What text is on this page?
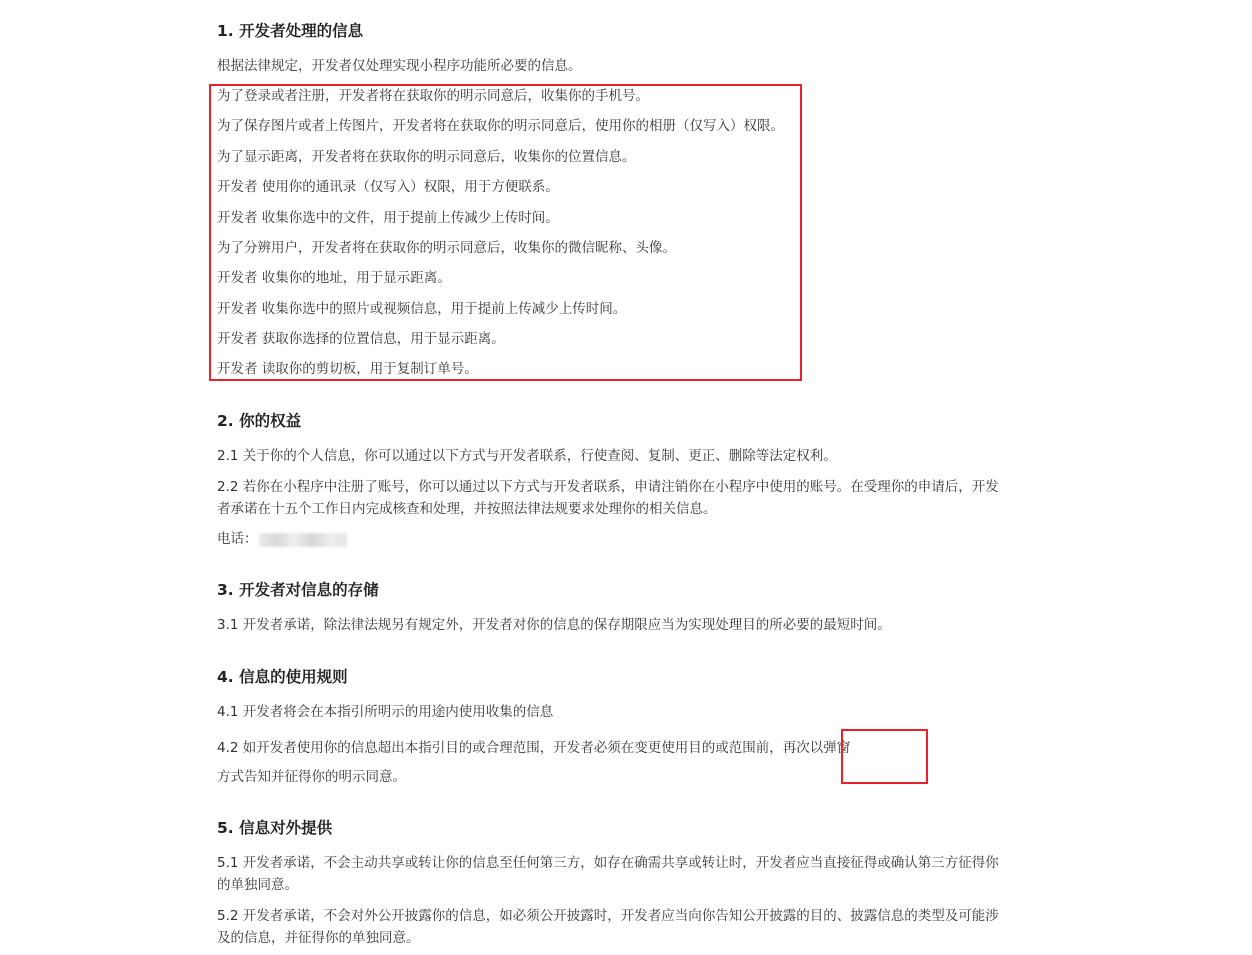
1. 开发者处理的信息
根据法律规定，开发者仅处理实现小程序功能所必要的信息。
为了登录或者注册，开发者将在获取你的明示同意后，收集你的手机号。
为了保存图片或者上传图片，开发者将在获取你的明示同意后，使用你的相册（仅写入）权限。
为了显示距离，开发者将在获取你的明示同意后，收集你的位置信息。
开发者 使用你的通讯录（仅写入）权限，用于方便联系。
开发者 收集你选中的文件，用于提前上传减少上传时间。
为了分辨用户，开发者将在获取你的明示同意后，收集你的微信昵称、头像。
开发者 收集你的地址，用于显示距离。
开发者 收集你选中的照片或视频信息，用于提前上传减少上传时间。
开发者 获取你选择的位置信息，用于显示距离。
开发者 读取你的剪切板，用于复制订单号。
2. 你的权益
2.1 关于你的个人信息，你可以通过以下方式与开发者联系，行使查阅、复制、更正、删除等法定权利。
2.2 若你在小程序中注册了账号，你可以通过以下方式与开发者联系，申请注销你在小程序中使用的账号。在受理你的申请后，开发
者承诺在十五个工作日内完成核查和处理，并按照法律法规要求处理你的相关信息。
电话：
3. 开发者对信息的存储
3.1 开发者承诺，除法律法规另有规定外，开发者对你的信息的保存期限应当为实现处理目的所必要的最短时间。
4. 信息的使用规则
4.1 开发者将会在本指引所明示的用途内使用收集的信息
4.2 如开发者使用你的信息超出本指引目的或合理范围，开发者必须在变更使用目的或范围前，再次以弹窗
方式告知并征得你的明示同意。
5. 信息对外提供
5.1 开发者承诺，不会主动共享或转让你的信息至任何第三方，如存在确需共享或转让时，开发者应当直接征得或确认第三方征得你
的单独同意。
5.2 开发者承诺，不会对外公开披露你的信息，如必须公开披露时，开发者应当向你告知公开披露的目的、披露信息的类型及可能涉
及的信息，并征得你的单独同意。
